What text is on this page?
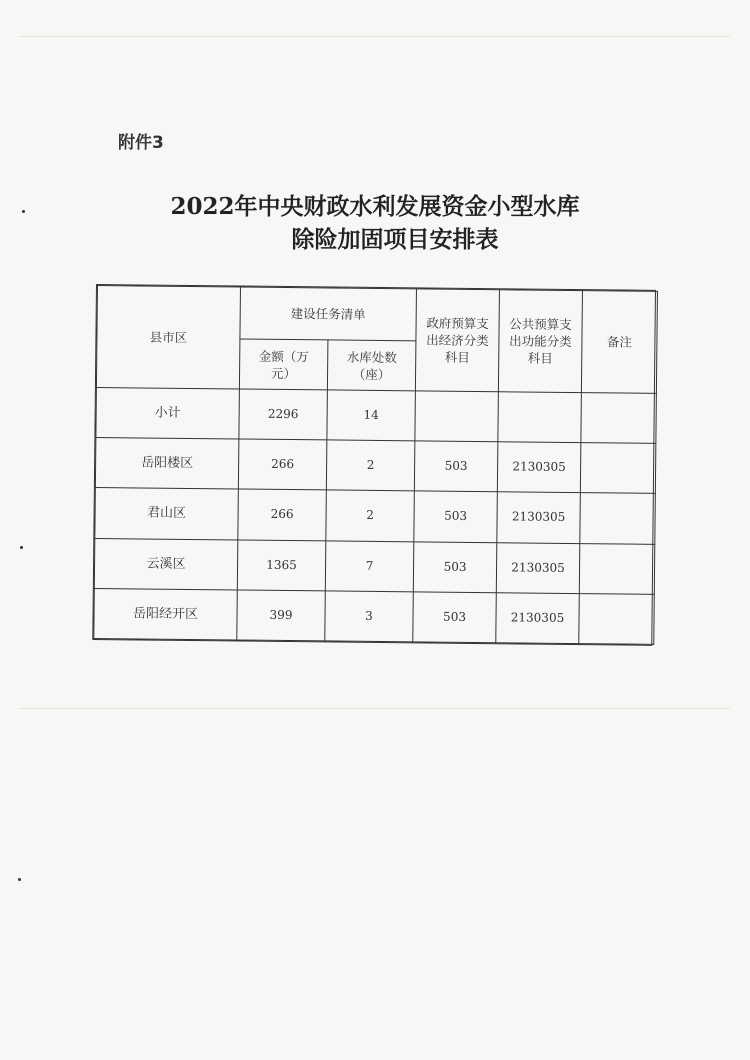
附件3
2022年中央财政水利发展资金小型水库
除险加固项目安排表
县市区	建设任务清单		政府预算支出经济分类科目	公共预算支出功能分类科目	备注
	金额（万元）	水库处数（座）			
小计	2296	14			
岳阳楼区	266	2	503	2130305	
君山区	266	2	503	2130305	
云溪区	1365	7	503	2130305	
岳阳经开区	399	3	503	2130305	
